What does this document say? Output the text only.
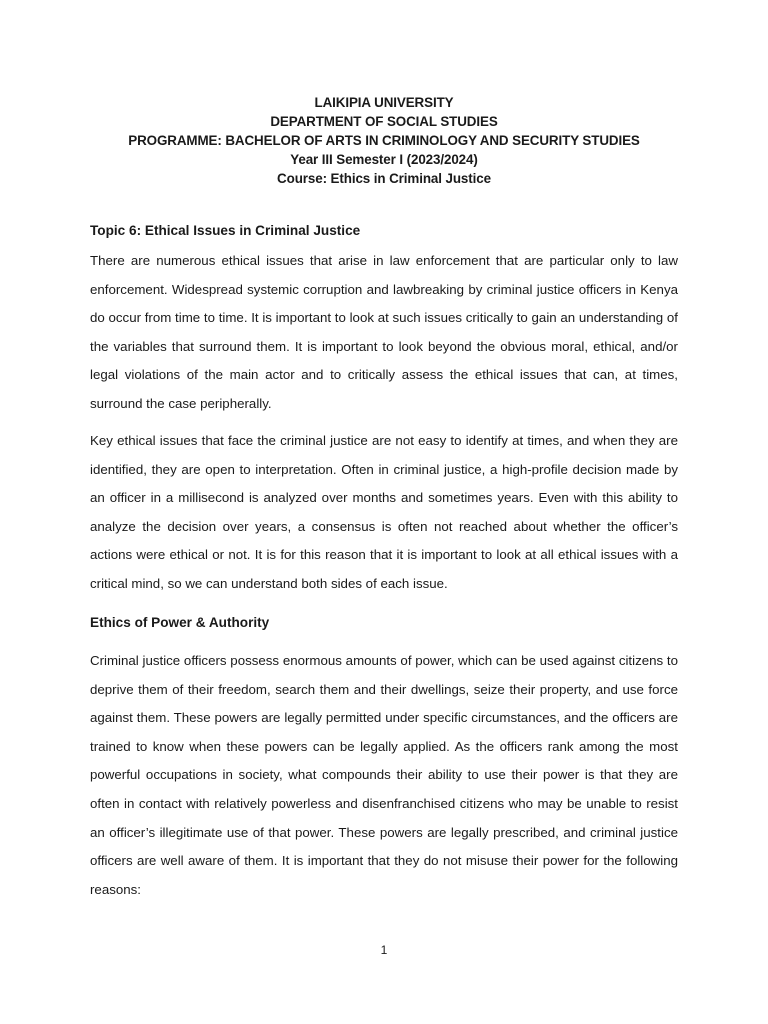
LAIKIPIA UNIVERSITY
DEPARTMENT OF SOCIAL STUDIES
PROGRAMME: BACHELOR OF ARTS IN CRIMINOLOGY AND SECURITY STUDIES
Year III Semester I (2023/2024)
Course: Ethics in Criminal Justice
Topic 6: Ethical Issues in Criminal Justice

There are numerous ethical issues that arise in law enforcement that are particular only to law enforcement. Widespread systemic corruption and lawbreaking by criminal justice officers in Kenya do occur from time to time. It is important to look at such issues critically to gain an understanding of the variables that surround them. It is important to look beyond the obvious moral, ethical, and/or legal violations of the main actor and to critically assess the ethical issues that can, at times, surround the case peripherally.

Key ethical issues that face the criminal justice are not easy to identify at times, and when they are identified, they are open to interpretation. Often in criminal justice, a high-profile decision made by an officer in a millisecond is analyzed over months and sometimes years. Even with this ability to analyze the decision over years, a consensus is often not reached about whether the officer’s actions were ethical or not. It is for this reason that it is important to look at all ethical issues with a critical mind, so we can understand both sides of each issue.

Ethics of Power & Authority

Criminal justice officers possess enormous amounts of power, which can be used against citizens to deprive them of their freedom, search them and their dwellings, seize their property, and use force against them. These powers are legally permitted under specific circumstances, and the officers are trained to know when these powers can be legally applied. As the officers rank among the most powerful occupations in society, what compounds their ability to use their power is that they are often in contact with relatively powerless and disenfranchised citizens who may be unable to resist an officer’s illegitimate use of that power. These powers are legally prescribed, and criminal justice officers are well aware of them. It is important that they do not misuse their power for the following reasons:

1
